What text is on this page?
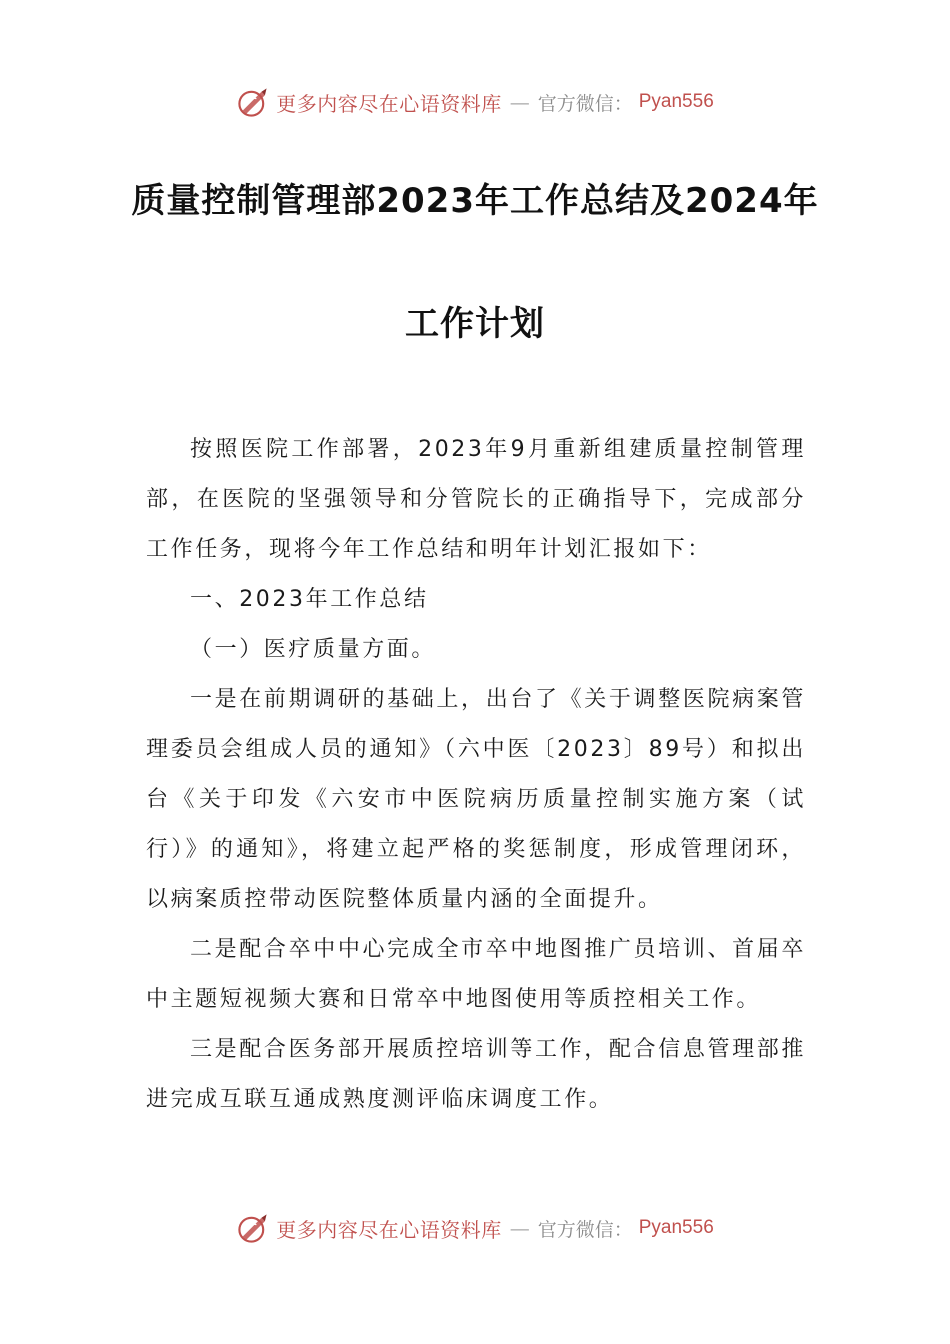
更多内容尽在心语资料库 — 官方微信： Pyan556
质量控制管理部2023年工作总结及2024年
工作计划

按照医院工作部署，2023年9月重新组建质量控制管理部，在医院的坚强领导和分管院长的正确指导下，完成部分工作任务，现将今年工作总结和明年计划汇报如下：

一、2023年工作总结

（一）医疗质量方面。

一是在前期调研的基础上，出台了《关于调整医院病案管理委员会组成人员的通知》（六中医〔2023〕89号）和拟出台《关于印发《六安市中医院病历质量控制实施方案（试行）》的通知》，将建立起严格的奖惩制度，形成管理闭环，以病案质控带动医院整体质量内涵的全面提升。

二是配合卒中中心完成全市卒中地图推广员培训、首届卒中主题短视频大赛和日常卒中地图使用等质控相关工作。

三是配合医务部开展质控培训等工作，配合信息管理部推进完成互联互通成熟度测评临床调度工作。

更多内容尽在心语资料库 — 官方微信： Pyan556
